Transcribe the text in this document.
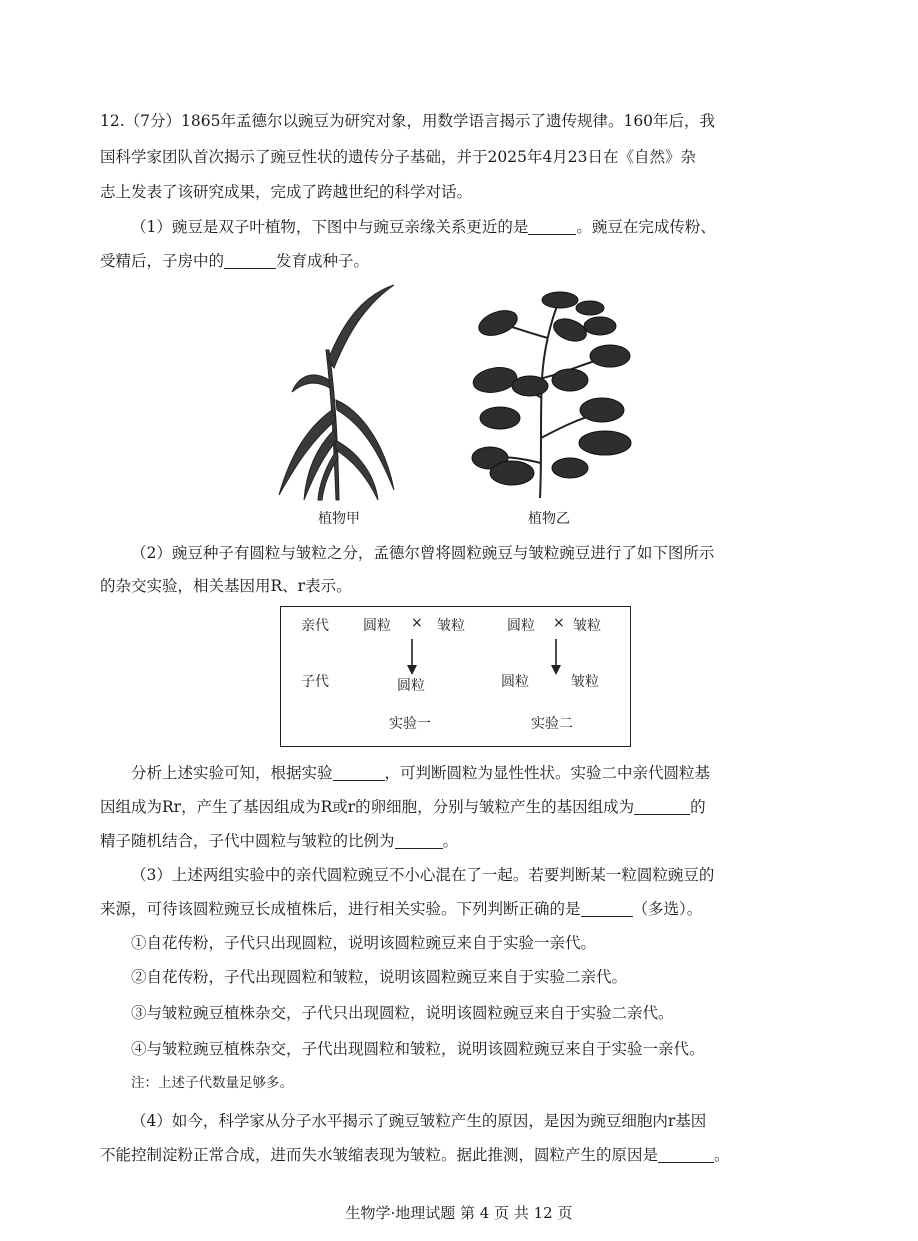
12.（7分）1865年孟德尔以豌豆为研究对象，用数学语言揭示了遗传规律。160年后，我
国科学家团队首次揭示了豌豆性状的遗传分子基础，并于2025年4月23日在《自然》杂
志上发表了该研究成果，完成了跨越世纪的科学对话。
（1）豌豆是双子叶植物，下图中与豌豆亲缘关系更近的是	。豌豆在完成传粉、
受精后，子房中的	发育成种子。
植物甲	植物乙
（2）豌豆种子有圆粒与皱粒之分，孟德尔曾将圆粒豌豆与皱粒豌豆进行了如下图所示
的杂交实验，相关基因用R、r表示。
亲代 圆粒 × 皱粒	圆粒 × 皱粒
子代	圆粒	圆粒	皱粒
实验一	实验二
分析上述实验可知，根据实验	，可判断圆粒为显性性状。实验二中亲代圆粒基
因组成为Rr，产生了基因组成为R或r的卵细胞，分别与皱粒产生的基因组成为	的
精子随机结合，子代中圆粒与皱粒的比例为	。
（3）上述两组实验中的亲代圆粒豌豆不小心混在了一起。若要判断某一粒圆粒豌豆的
来源，可待该圆粒豌豆长成植株后，进行相关实验。下列判断正确的是	（多选）。
①自花传粉，子代只出现圆粒，说明该圆粒豌豆来自于实验一亲代。
②自花传粉，子代出现圆粒和皱粒，说明该圆粒豌豆来自于实验二亲代。
③与皱粒豌豆植株杂交，子代只出现圆粒，说明该圆粒豌豆来自于实验二亲代。
④与皱粒豌豆植株杂交，子代出现圆粒和皱粒，说明该圆粒豌豆来自于实验一亲代。
注：上述子代数量足够多。
（4）如今，科学家从分子水平揭示了豌豆皱粒产生的原因，是因为豌豆细胞内r基因
不能控制淀粉正常合成，进而失水皱缩表现为皱粒。据此推测，圆粒产生的原因是	。
生物学·地理试题 第 4 页 共 12 页
